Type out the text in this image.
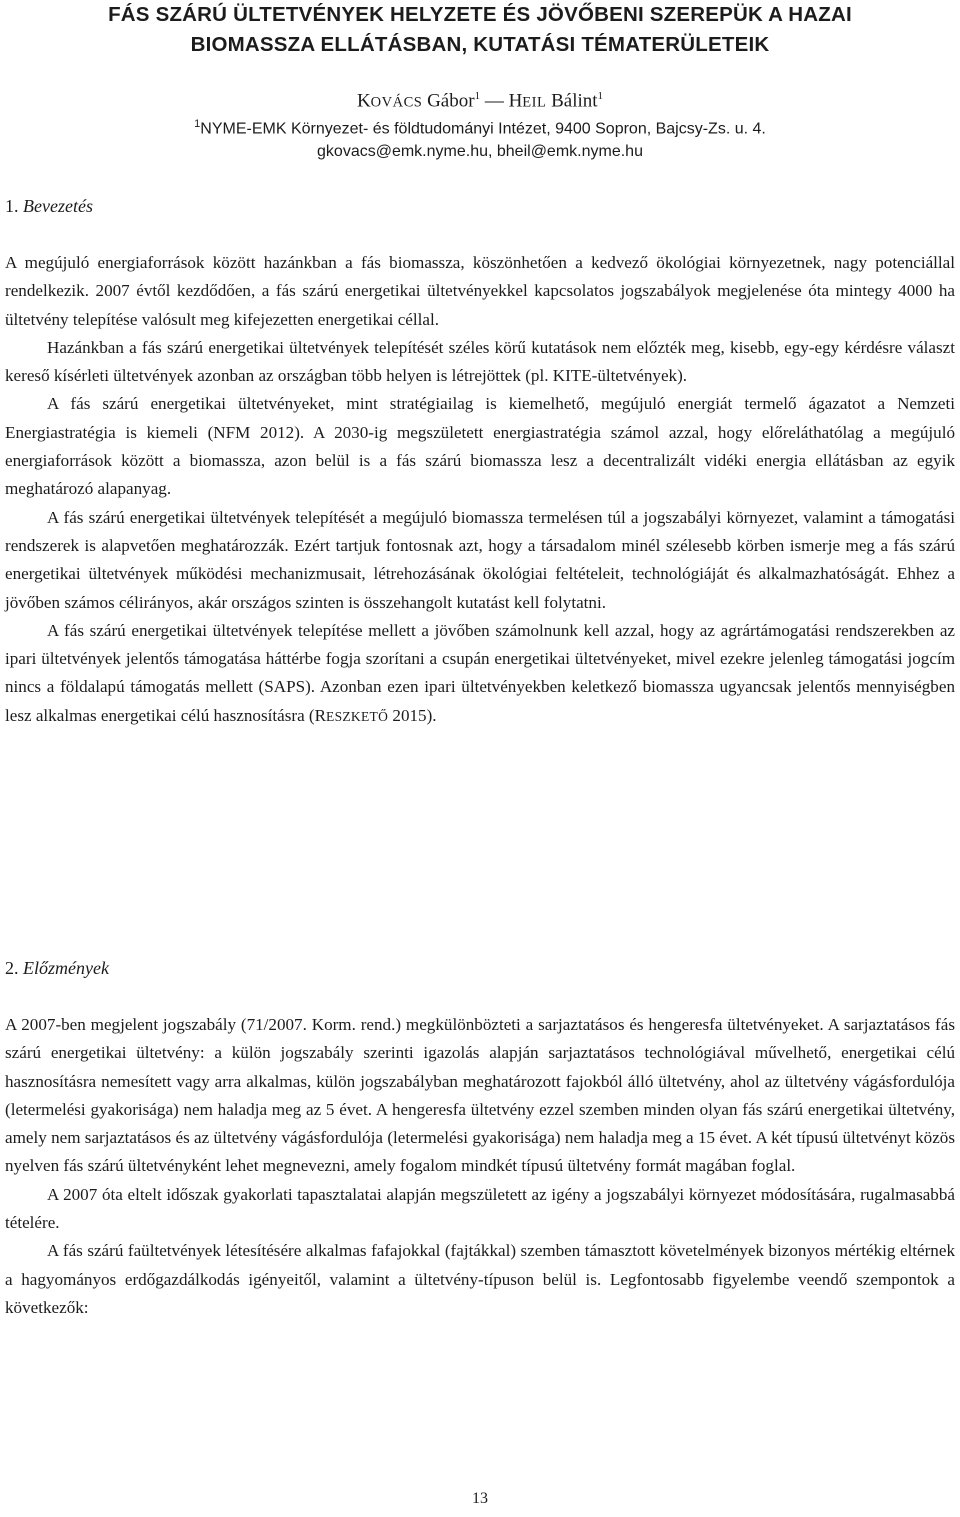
FÁS SZÁRÚ ÜLTETVÉNYEK HELYZETE ÉS JÖVŐBENI SZEREPÜK A HAZAI
BIOMASSZA ELLÁTÁSBAN, KUTATÁSI TÉMATERÜLETEIK
KOVÁCS Gábor$^1$ — HEIL Bálint$^1$
$^1$NYME-EMK Környezet- és földtudományi Intézet, 9400 Sopron, Bajcsy-Zs. u. 4.
gkovacs@emk.nyme.hu, bheil@emk.nyme.hu
1. Bevezetés

A megújuló energiaforrások között hazánkban a fás biomassza, köszönhetően a kedvező ökológiai környezetnek, nagy potenciállal rendelkezik. 2007 évtől kezdődően, a fás szárú energetikai ültetvényekkel kapcsolatos jogszabályok megjelenése óta mintegy 4000 ha ültetvény telepítése valósult meg kifejezetten energetikai céllal.

Hazánkban a fás szárú energetikai ültetvények telepítését széles körű kutatások nem előzték meg, kisebb, egy-egy kérdésre választ kereső kísérleti ültetvények azonban az országban több helyen is létrejöttek (pl. KITE-ültetvények).

A fás szárú energetikai ültetvényeket, mint stratégiailag is kiemelhető, megújuló energiát termelő ágazatot a Nemzeti Energiastratégia is kiemeli (NFM 2012). A 2030-ig megszületett energiastratégia számol azzal, hogy előreláthatólag a megújuló energiaforrások között a biomassza, azon belül is a fás szárú biomassza lesz a decentralizált vidéki energia ellátásban az egyik meghatározó alapanyag.

A fás szárú energetikai ültetvények telepítését a megújuló biomassza termelésen túl a jogszabályi környezet, valamint a támogatási rendszerek is alapvetően meghatározzák. Ezért tartjuk fontosnak azt, hogy a társadalom minél szélesebb körben ismerje meg a fás szárú energetikai ültetvények működési mechanizmusait, létrehozásának ökológiai feltételeit, technológiáját és alkalmazhatóságát. Ehhez a jövőben számos célirányos, akár országos szinten is összehangolt kutatást kell folytatni.

A fás szárú energetikai ültetvények telepítése mellett a jövőben számolnunk kell azzal, hogy az agrártámogatási rendszerekben az ipari ültetvények jelentős támogatása háttérbe fogja szorítani a csupán energetikai ültetvényeket, mivel ezekre jelenleg támogatási jogcím nincs a földalapú támogatás mellett (SAPS). Azonban ezen ipari ültetvényekben keletkező biomassza ugyancsak jelentős mennyiségben lesz alkalmas energetikai célú hasznosításra (RESZKETŐ 2015).

2. Előzmények

A 2007-ben megjelent jogszabály (71/2007. Korm. rend.) megkülönbözteti a sarjaztatásos és hengeresfa ültetvényeket. A sarjaztatásos fás szárú energetikai ültetvény: a külön jogszabály szerinti igazolás alapján sarjaztatásos technológiával művelhető, energetikai célú hasznosításra nemesített vagy arra alkalmas, külön jogszabályban meghatározott fajokból álló ültetvény, ahol az ültetvény vágásfordulója (letermelési gyakorisága) nem haladja meg az 5 évet. A hengeresfa ültetvény ezzel szemben minden olyan fás szárú energetikai ültetvény, amely nem sarjaztatásos és az ültetvény vágásfordulója (letermelési gyakorisága) nem haladja meg a 15 évet. A két típusú ültetvényt közös nyelven fás szárú ültetvényként lehet megnevezni, amely fogalom mindkét típusú ültetvény formát magában foglal.

A 2007 óta eltelt időszak gyakorlati tapasztalatai alapján megszületett az igény a jogszabályi környezet módosítására, rugalmasabbá tételére.

A fás szárú faültetvények létesítésére alkalmas fafajokkal (fajtákkal) szemben támasztott követelmények bizonyos mértékig eltérnek a hagyományos erdőgazdálkodás igényeitől, valamint a ültetvény-típuson belül is. Legfontosabb figyelembe veendő szempontok a következők:

13
